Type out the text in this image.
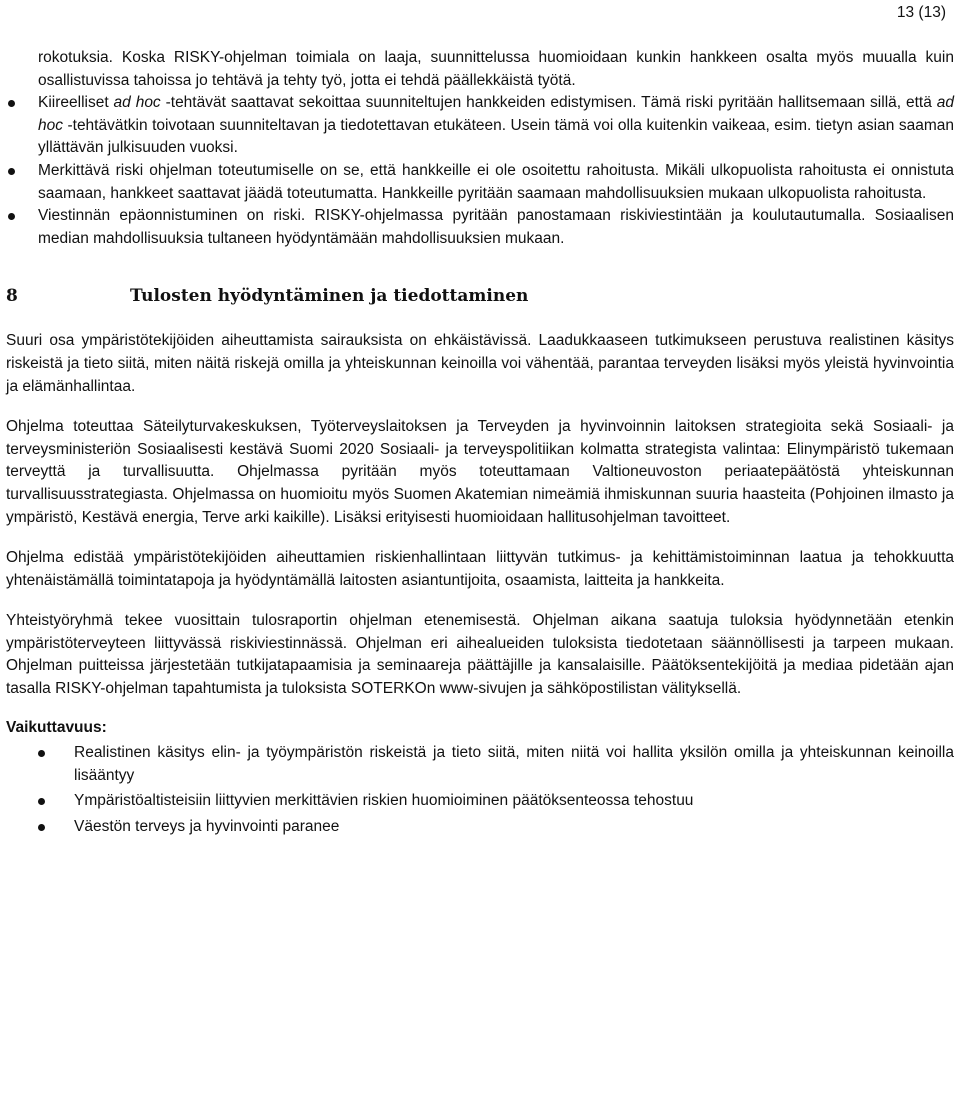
13 (13)
rokotuksia. Koska RISKY-ohjelman toimiala on laaja, suunnittelussa huomioidaan kunkin hankkeen osalta myös muualla kuin osallistuvissa tahoissa jo tehtävä ja tehty työ, jotta ei tehdä päällekkäistä työtä.
Kiireelliset ad hoc -tehtävät saattavat sekoittaa suunniteltujen hankkeiden edistymisen. Tämä riski pyritään hallitsemaan sillä, että ad hoc -tehtävätkin toivotaan suunniteltavan ja tiedotettavan etukäteen. Usein tämä voi olla kuitenkin vaikeaa, esim. tietyn asian saaman yllättävän julkisuuden vuoksi.
Merkittävä riski ohjelman toteutumiselle on se, että hankkeille ei ole osoitettu rahoitusta. Mikäli ulkopuolista rahoitusta ei onnistuta saamaan, hankkeet saattavat jäädä toteutumatta. Hankkeille pyritään saamaan mahdollisuuksien mukaan ulkopuolista rahoitusta.
Viestinnän epäonnistuminen on riski. RISKY-ohjelmassa pyritään panostamaan riskiviestintään ja koulutautumalla. Sosiaalisen median mahdollisuuksia tultaneen hyödyntämään mahdollisuuksien mukaan.
8	Tulosten hyödyntäminen ja tiedottaminen

Suuri osa ympäristötekijöiden aiheuttamista sairauksista on ehkäistävissä. Laadukkaaseen tutkimukseen perustuva realistinen käsitys riskeistä ja tieto siitä, miten näitä riskejä omilla ja yhteiskunnan keinoilla voi vähentää, parantaa terveyden lisäksi myös yleistä hyvinvointia ja elämänhallintaa.

Ohjelma toteuttaa Säteilyturvakeskuksen, Työterveyslaitoksen ja Terveyden ja hyvinvoinnin laitoksen strategioita sekä Sosiaali- ja terveysministeriön Sosiaalisesti kestävä Suomi 2020 Sosiaali- ja terveyspolitiikan kolmatta strategista valintaa: Elinympäristö tukemaan terveyttä ja turvallisuutta. Ohjelmassa pyritään myös toteuttamaan Valtioneuvoston periaatepäätöstä yhteiskunnan turvallisuusstrategiasta. Ohjelmassa on huomioitu myös Suomen Akatemian nimeämiä ihmiskunnan suuria haasteita (Pohjoinen ilmasto ja ympäristö, Kestävä energia, Terve arki kaikille). Lisäksi erityisesti huomioidaan hallitusohjelman tavoitteet.

Ohjelma edistää ympäristötekijöiden aiheuttamien riskienhallintaan liittyvän tutkimus- ja kehittämistoiminnan laatua ja tehokkuutta yhtenäistämällä toimintatapoja ja hyödyntämällä laitosten asiantuntijoita, osaamista, laitteita ja hankkeita.

Yhteistyöryhmä tekee vuosittain tulosraportin ohjelman etenemisestä. Ohjelman aikana saatuja tuloksia hyödynnetään etenkin ympäristöterveyteen liittyvässä riskiviestinnässä. Ohjelman eri aihealueiden tuloksista tiedotetaan säännöllisesti ja tarpeen mukaan. Ohjelman puitteissa järjestetään tutkijatapaamisia ja seminaareja päättäjille ja kansalaisille. Päätöksentekijöitä ja mediaa pidetään ajan tasalla RISKY-ohjelman tapahtumista ja tuloksista SOTERKOn www-sivujen ja sähköpostilistan välityksellä.

Vaikuttavuus:

Realistinen käsitys elin- ja työympäristön riskeistä ja tieto siitä, miten niitä voi hallita yksilön omilla ja yhteiskunnan keinoilla lisääntyy
Ympäristöaltisteisiin liittyvien merkittävien riskien huomioiminen päätöksenteossa tehostuu
Väestön terveys ja hyvinvointi paranee
